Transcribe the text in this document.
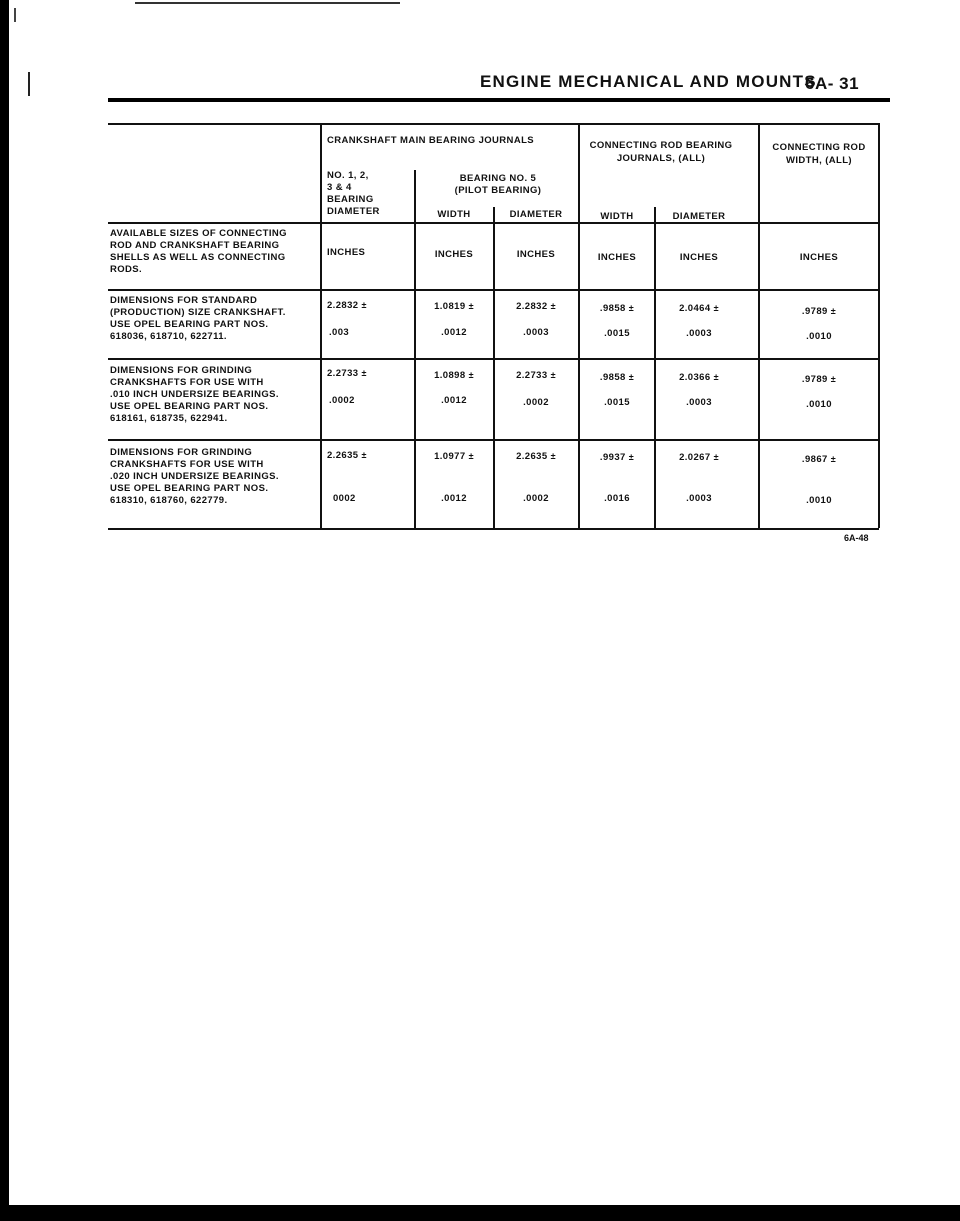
ENGINE MECHANICAL AND MOUNTS
6A- 31
CRANKSHAFT MAIN BEARING JOURNALS	CONNECTING ROD BEARING
JOURNALS, (ALL)
CONNECTING ROD
WIDTH, (ALL)
NO. 1, 2,
3 & 4
BEARING
DIAMETER
BEARING NO. 5
(PILOT BEARING)
WIDTH	DIAMETER	WIDTH	DIAMETER
AVAILABLE SIZES OF CONNECTING
ROD AND CRANKSHAFT BEARING
SHELLS AS WELL AS CONNECTING
RODS.
INCHES	INCHES	INCHES	INCHES	INCHES	INCHES
DIMENSIONS FOR STANDARD
(PRODUCTION) SIZE CRANKSHAFT.
USE OPEL BEARING PART NOS.
618036, 618710, 622711.
2.2832 ±	1.0819 ±	2.2832 ±	.9858 ±	2.0464 ±	.9789 ±
.003	.0012	.0003	.0015	.0003	.0010
DIMENSIONS FOR GRINDING
CRANKSHAFTS FOR USE WITH
.010 INCH UNDERSIZE BEARINGS.
USE OPEL BEARING PART NOS.
618161, 618735, 622941.
2.2733 ±	1.0898 ±	2.2733 ±	.9858 ±	2.0366 ±	.9789 ±
.0002	.0012	.0002	.0015	.0003	.0010
DIMENSIONS FOR GRINDING
CRANKSHAFTS FOR USE WITH
.020 INCH UNDERSIZE BEARINGS.
USE OPEL BEARING PART NOS.
618310, 618760, 622779.
2.2635 ±	1.0977 ±	2.2635 ±	.9937 ±	2.0267 ±	.9867 ±
0002	.0012	.0002	.0016	.0003	.0010
6A-48
